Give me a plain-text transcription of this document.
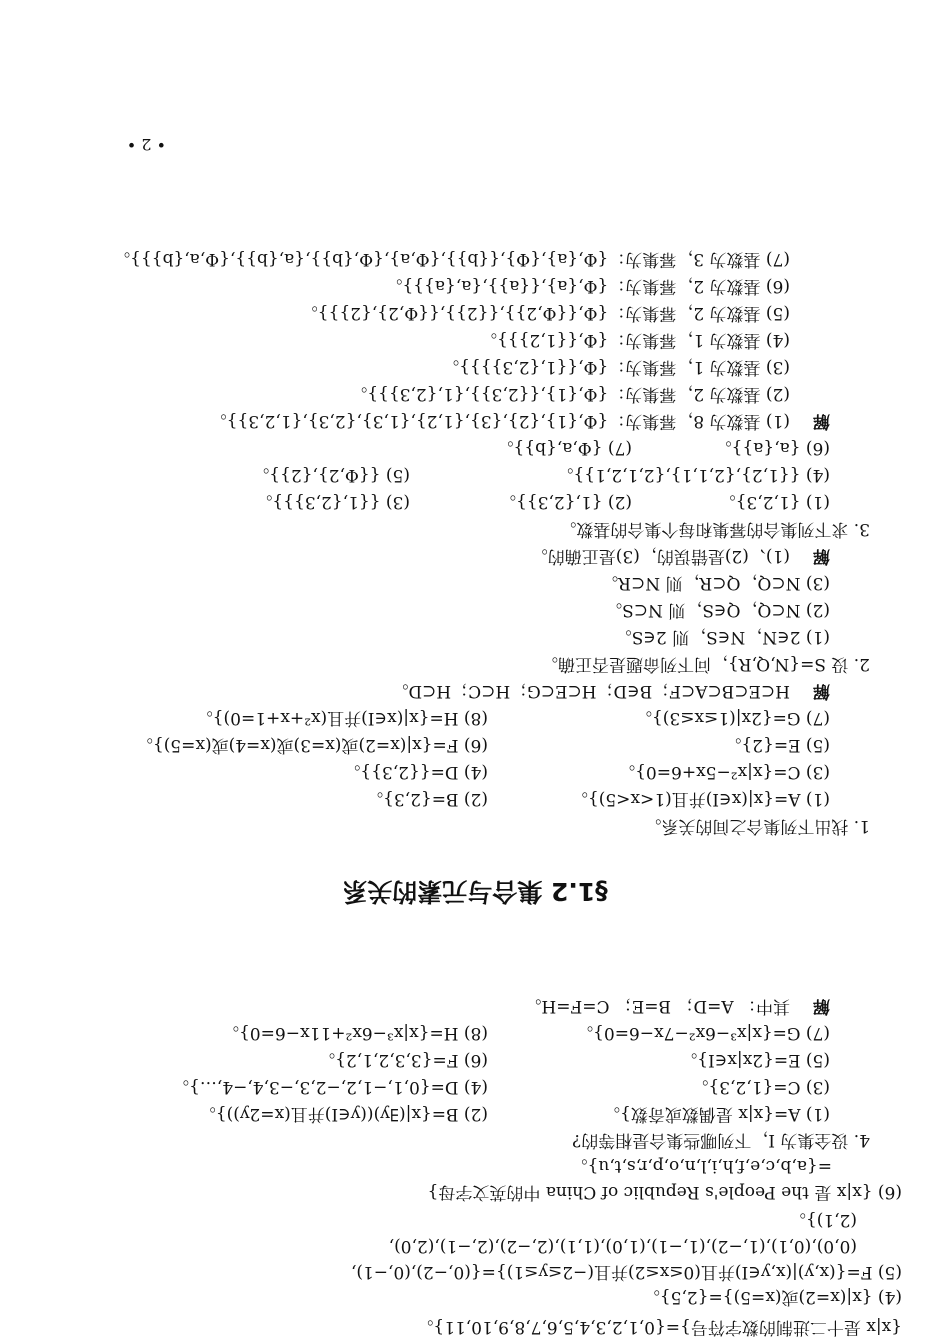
{x|x 是十二进制的数字符号}={0,1,2,3,4,5,6,7,8,9,10,11}。
(4) {x|(x=2)或(x=5)}={2,5}。
(5) F={(x,y)|(x,y∈I)并且(0≤x≤2)并且(−2≤y≤1)}={(0,−2),(0,−1),
(0,0),(0,1),(1,−2),(1,−1),(1,0),(1,1),(2,−2),(2,−1),(2,0),
(2,1)}。
(6) {x|x 是 the People's Republic of China 中的英文字母}
={a,b,c,e,f,h,i,l,n,o,p,r,s,t,u}。
4. 设全集为 I，下列哪些集合是相等的?
(1) A={x|x 是偶数或奇数}。
(2) B={x|(∃y)((y∈I)并且(x=2y))}。
(3) C={1,2,3}。
(4) D={0,1,−1,2,−2,3,−3,4,−4,…}。
(5) E={2x|x∈I}。
(6) F={3,3,2,1,2}。
(7) G={x|x³−6x²−7x−6=0}。
(8) H={x|x³−6x²+11x−6=0}。
解
其中： A=D； B=E； C=F=H。
§1.2 集合与元素的关系
1. 找出下列集合之间的关系。
(1) A={x|(x∈I)并且(1<x<5)}。
(2) B={2,3}。
(3) C={x|x²−5x+6=0}。
(4) D={{2,3}}。
(5) E={2}。
(6) F={x|(x=2)或(x=3)或(x=4)或(x=5)}。
(7) G={2x|(1≤x≤3)}。
(8) H={x|(x∈I)并且(x²+x+1=0)}。
解
H⊂E⊂B⊂A⊂F；B∈D；H⊂E⊂G；H⊂C；H⊂D。
2. 设 S={N,Q,R}，问下列命题是否正确。
(1) 2∈N，N∈S，则 2∈S。
(2) N⊂Q，Q∈S，则 N⊂S。
(3) N⊂Q，Q⊂R，则 N⊂R。
解
(1)、(2)是错误的，(3)是正确的。
3. 求下列集合的幂集和每个集合的基数。
(1) {1,2,3}。
(2) {1,{2,3}}。
(3) {{1,{2,3}}}。
(4) {{1,2},{2,1,1},{2,1,2,1}}。
(5) {{Φ,2},{2}}。
(6) {a,{a}}。
(7) {Φ,a,{b}}。
解
(1) 基数为 8，幂集为：{Φ,{1},{2},{3},{1,2},{1,3},{2,3},{1,2,3}}。
(2) 基数为 2，幂集为：{Φ,{1},{{2,3}},{1,{2,3}}}。
(3) 基数为 1，幂集为：{Φ,{{1,{2,3}}}}。
(4) 基数为 1，幂集为：{Φ,{{1,2}}}。
(5) 基数为 2，幂集为：{Φ,{{Φ,2}},{{2}},{{Φ,2},{2}}}。
(6) 基数为 2，幂集为：{Φ,{a},{{a}},{a,{a}}}。
(7) 基数为 3，幂集为：{Φ,{a},{Φ},{{b}},{Φ,a},{Φ,{b}},{a,{b}},{Φ,a,{b}}}。
• 2 •
